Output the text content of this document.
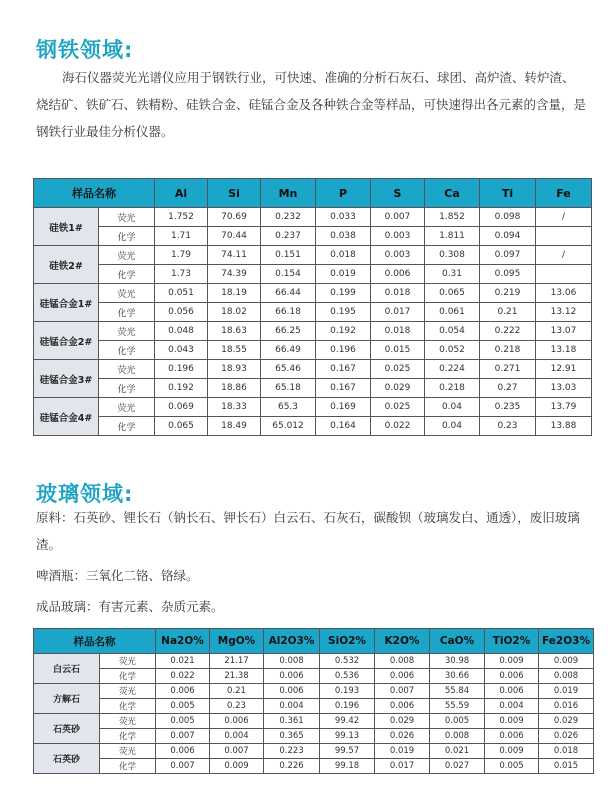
钢铁领域:

海石仪器荧光光谱仪应用于钢铁行业，可快速、准确的分析石灰石、球团、高炉渣、转炉渣、烧结矿、铁矿石、铁精粉、硅铁合金、硅锰合金及各种铁合金等样品，可快速得出各元素的含量，是钢铁行业最佳分析仪器。

样品名称		Al	Si	Mn	P	S	Ca	Ti	Fe
硅铁1#	荧光	1.752	70.69	0.232	0.033	0.007	1.852	0.098	/
	化学	1.71	70.44	0.237	0.038	0.003	1.811	0.094	
硅铁2#	荧光	1.79	74.11	0.151	0.018	0.003	0.308	0.097	/
	化学	1.73	74.39	0.154	0.019	0.006	0.31	0.095	
硅锰合金1#	荧光	0.051	18.19	66.44	0.199	0.018	0.065	0.219	13.06
	化学	0.056	18.02	66.18	0.195	0.017	0.061	0.21	13.12
硅锰合金2#	荧光	0.048	18.63	66.25	0.192	0.018	0.054	0.222	13.07
	化学	0.043	18.55	66.49	0.196	0.015	0.052	0.218	13.18
硅锰合金3#	荧光	0.196	18.93	65.46	0.167	0.025	0.224	0.271	12.91
	化学	0.192	18.86	65.18	0.167	0.029	0.218	0.27	13.03
硅锰合金4#	荧光	0.069	18.33	65.3	0.169	0.025	0.04	0.235	13.79
	化学	0.065	18.49	65.012	0.164	0.022	0.04	0.23	13.88
玻璃领域:

原料：石英砂、锂长石（钠长石、钾长石）白云石、石灰石，碳酸钡（玻璃发白、通透），废旧玻璃渣。

啤酒瓶：三氧化二铬、铬绿。

成品玻璃：有害元素、杂质元素。

样品名称		Na2O%	MgO%	Al2O3%	SiO2%	K2O%	CaO%	TiO2%	Fe2O3%
白云石	荧光	0.021	21.17	0.008	0.532	0.008	30.98	0.009	0.009
	化学	0.022	21.38	0.006	0.536	0.006	30.66	0.006	0.008
方解石	荧光	0.006	0.21	0.006	0.193	0.007	55.84	0.006	0.019
	化学	0.005	0.23	0.004	0.196	0.006	55.59	0.004	0.016
石英砂	荧光	0.005	0.006	0.361	99.42	0.029	0.005	0.009	0.029
	化学	0.007	0.004	0.365	99.13	0.026	0.008	0.006	0.026
石英砂	荧光	0.006	0.007	0.223	99.57	0.019	0.021	0.009	0.018
	化学	0.007	0.009	0.226	99.18	0.017	0.027	0.005	0.015
